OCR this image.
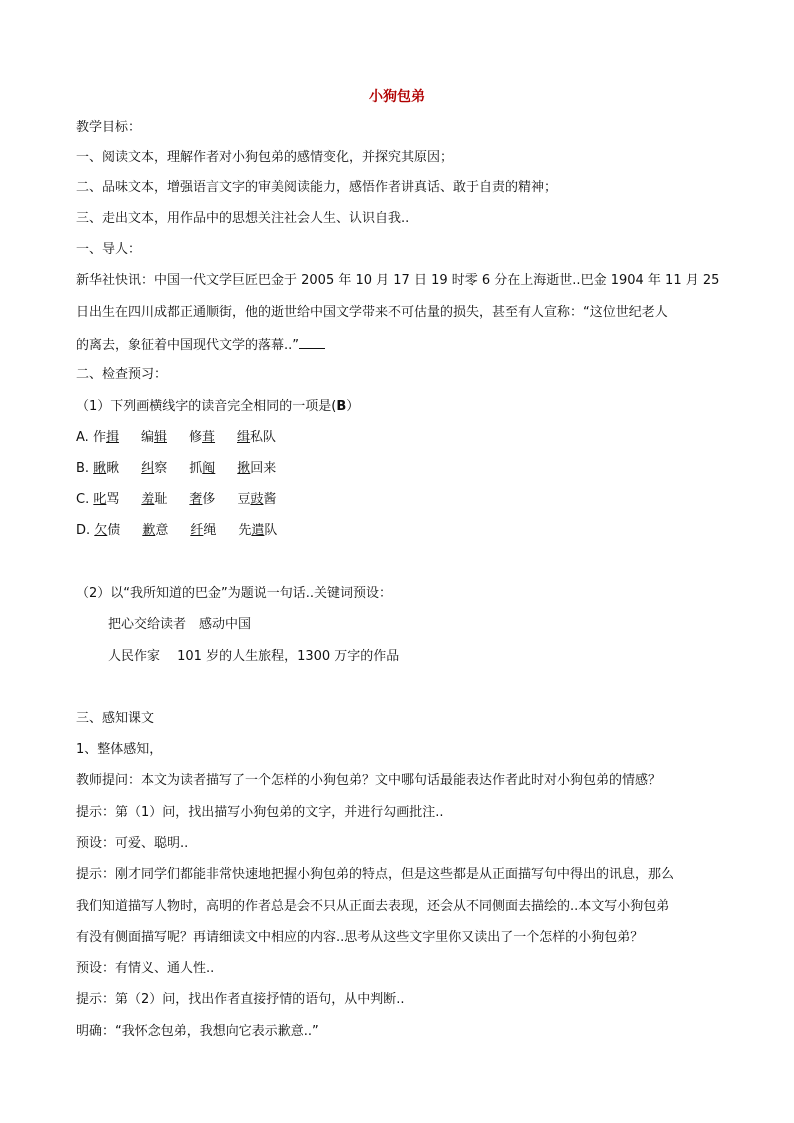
小狗包弟
教学目标：
一、阅读文本，理解作者对小狗包弟的感情变化，并探究其原因；
二、品味文本，增强语言文字的审美阅读能力，感悟作者讲真话、敢于自责的精神；
三、走出文本，用作品中的思想关注社会人生、认识自我..
一、导人：
新华社快讯：中国一代文学巨匠巴金于 2005 年 10 月 17 日 19 时零 6 分在上海逝世..巴金 1904 年 11 月 25
日出生在四川成都正通顺街，他的逝世给中国文学带来不可估量的损失，甚至有人宣称：“这位世纪老人
的离去，象征着中国现代文学的落幕..”
二、检查预习：
（1）下列画横线字的读音完全相同的一项是(B）
A. 作揖 编辑 修葺 缉私队
B. 瞅瞅 纠察 抓阄 揪回来
C. 叱骂 羞耻 奢侈 豆豉酱
D. 欠债 歉意 纤绳 先遣队
（2）以“我所知道的巴金”为题说一句话..关键词预设：
把心交给读者　感动中国
人民作家　 101 岁的人生旅程，1300 万字的作品
三、感知课文
1、整体感知，
教师提问：本文为读者描写了一个怎样的小狗包弟？文中哪句话最能表达作者此时对小狗包弟的情感？
提示：第（1）问，找出描写小狗包弟的文字，并进行勾画批注..
预设：可爱、聪明..
提示：刚才同学们都能非常快速地把握小狗包弟的特点，但是这些都是从正面描写句中得出的讯息，那么
我们知道描写人物时，高明的作者总是会不只从正面去表现，还会从不同侧面去描绘的..本文写小狗包弟
有没有侧面描写呢？再请细读文中相应的内容..思考从这些文字里你又读出了一个怎样的小狗包弟？
预设：有情义、通人性..
提示：第（2）问，找出作者直接抒情的语句，从中判断..
明确：“我怀念包弟，我想向它表示歉意..”
